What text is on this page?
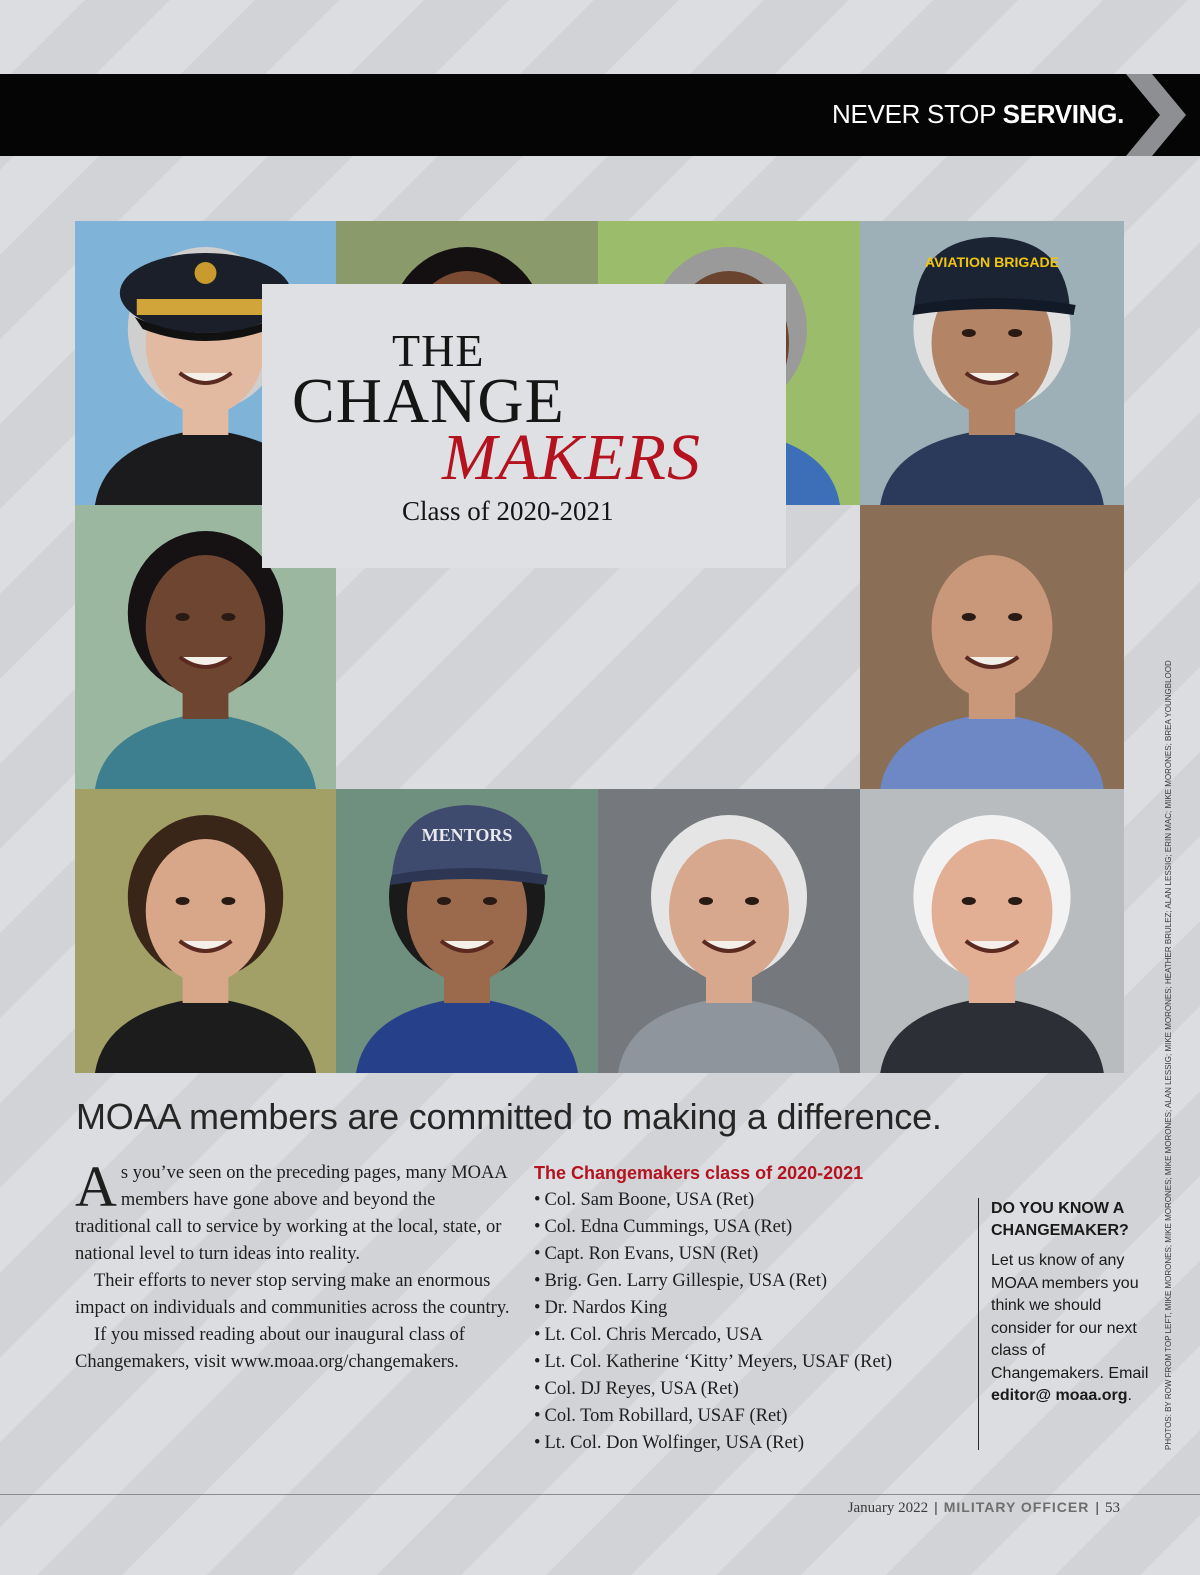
NEVER STOP SERVING.
AVIATION BRIGADE
MENTORS
THE
CHANGE
MAKERS
Class of 2020-2021
MOAA members are committed to making a difference.

As you’ve seen on the preceding pages, many MOAA members have gone above and beyond the traditional call to service by working at the local, state, or national level to turn ideas into reality.

Their efforts to never stop serving make an enormous impact on individuals and communities across the country.

If you missed reading about our inaugural class of Changemakers, visit www.moaa.org/changemakers.

The Changemakers class of 2020-2021
• Col. Sam Boone, USA (Ret)
• Col. Edna Cummings, USA (Ret)
• Capt. Ron Evans, USN (Ret)
• Brig. Gen. Larry Gillespie, USA (Ret)
• Dr. Nardos King
• Lt. Col. Chris Mercado, USA
• Lt. Col. Katherine ‘Kitty’ Meyers, USAF (Ret)
• Col. DJ Reyes, USA (Ret)
• Col. Tom Robillard, USAF (Ret)
• Lt. Col. Don Wolfinger, USA (Ret)
DO YOU KNOW A CHANGEMAKER?
Let us know of any MOAA members you think we should consider for our next class of Changemakers. Email editor@ moaa.org.	PHOTOS: BY ROW FROM TOP LEFT, MIKE MORONES; MIKE MORONES; MIKE MORONES; ALAN LESSIG; MIKE MORONES; HEATHER BRULEZ; ALAN LESSIG; ERIN MAC; MIKE MORONES; BREA YOUNGBLOOD
January 2022 | MILITARY OFFICER | 53
